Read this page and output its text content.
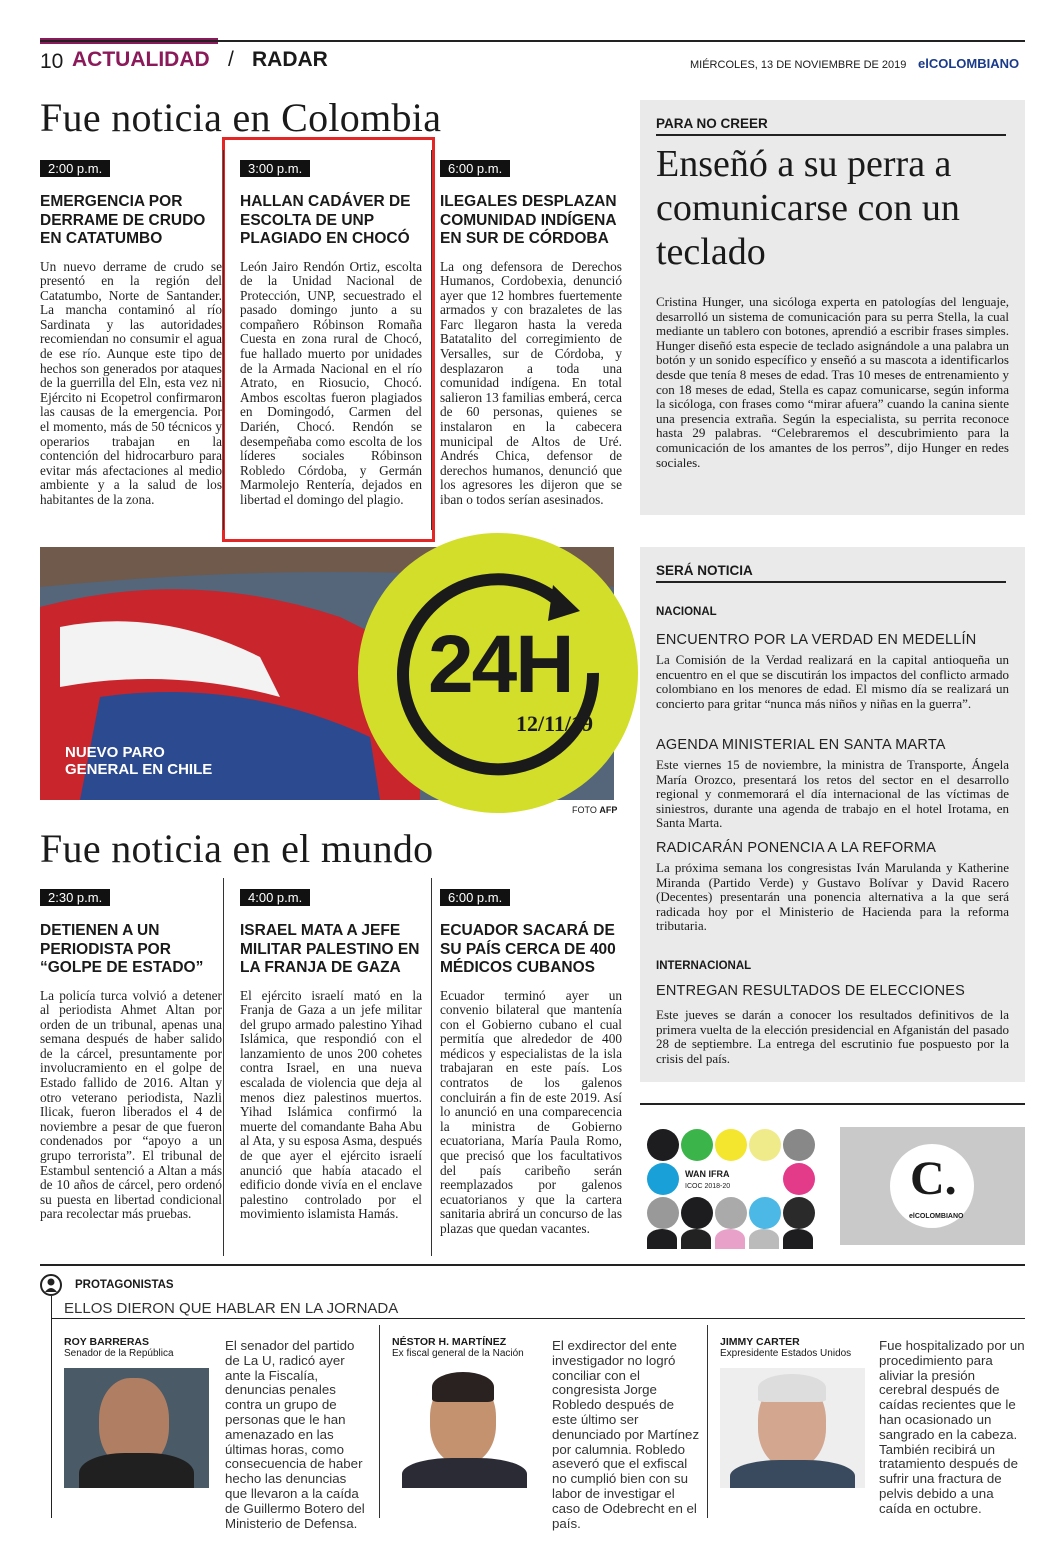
10 ACTUALIDAD / RADAR	MIÉRCOLES, 13 DE NOVIEMBRE DE 2019 elCOLOMBIANO
Fue noticia en Colombia
2:00 p.m.
EMERGENCIA POR DERRAME DE CRUDO EN CATATUMBO
Un nuevo derrame de crudo se presentó en la región del Catatumbo, Norte de Santander. La mancha contaminó al río Sardinata y las autoridades recomiendan no consumir el agua de ese río. Aunque este tipo de hechos son generados por ataques de la guerrilla del Eln, esta vez ni Ejército ni Ecopetrol confirmaron las causas de la emergencia. Por el momento, más de 50 técnicos y operarios trabajan en la contención del hidrocarburo para evitar más afectaciones al medio ambiente y a la salud de los habitantes de la zona.
3:00 p.m.
HALLAN CADÁVER DE ESCOLTA DE UNP PLAGIADO EN CHOCÓ
León Jairo Rendón Ortiz, escolta de la Unidad Nacional de Protección, UNP, secuestrado el pasado domingo junto a su compañero Róbinson Romaña Cuesta en zona rural de Chocó, fue hallado muerto por unidades de la Armada Nacional en el río Atrato, en Riosucio, Chocó. Ambos escoltas fueron plagiados en Domingodó, Carmen del Darién, Chocó. Rendón se desempeñaba como escolta de los líderes sociales Róbinson Robledo Córdoba, y Germán Marmolejo Rentería, dejados en libertad el domingo del plagio.
6:00 p.m.
ILEGALES DESPLAZAN COMUNIDAD INDÍGENA EN SUR DE CÓRDOBA
La ong defensora de Derechos Humanos, Cordobexia, denunció ayer que 12 hombres fuertemente armados y con brazaletes de las Farc llegaron hasta la vereda Batatalito del corregimiento de Versalles, sur de Córdoba, y desplazaron a toda una comunidad indígena. En total salieron 13 familias emberá, cerca de 60 personas, quienes se instalaron en la cabecera municipal de Altos de Uré. Andrés Chica, defensor de derechos humanos, denunció que los agresores les dijeron que se iban o todos serían asesinados.
PARA NO CREER
Enseñó a su perra a comunicarse con un teclado
Cristina Hunger, una sicóloga experta en patologías del lenguaje, desarrolló un sistema de comunicación para su perra Stella, la cual mediante un tablero con botones, aprendió a escribir frases simples. Hunger diseñó esta especie de teclado asignándole a una palabra un botón y un sonido específico y enseñó a su mascota a identificarlos desde que tenía 8 meses de edad. Tras 10 meses de entrenamiento y con 18 meses de edad, Stella es capaz comunicarse, según informa la sicóloga, con frases como “mirar afuera” cuando la canina siente una presencia extraña. Según la especialista, su perrita reconoce hasta 29 palabras. “Celebraremos el descubrimiento para la comunicación de los amantes de los perros”, dijo Hunger en redes sociales.
NUEVO PARO GENERAL EN CHILE
24H
12/11/19
FOTO AFP
SERÁ NOTICIA
NACIONAL
ENCUENTRO POR LA VERDAD EN MEDELLÍN
La Comisión de la Verdad realizará en la capital antioqueña un encuentro en el que se discutirán los impactos del conflicto armado colombiano en los menores de edad. El mismo día se realizará un concierto para gritar “nunca más niños y niñas en la guerra”.
AGENDA MINISTERIAL EN SANTA MARTA
Este viernes 15 de noviembre, la ministra de Transporte, Ángela María Orozco, presentará los retos del sector en el desarrollo regional y conmemorará el día internacional de las víctimas de siniestros, durante una agenda de trabajo en el hotel Irotama, en Santa Marta.
RADICARÁN PONENCIA A LA REFORMA
La próxima semana los congresistas Iván Marulanda y Katherine Miranda (Partido Verde) y Gustavo Bolívar y David Racero (Decentes) presentarán una ponencia alternativa a la que será radicada hoy por el Ministerio de Hacienda para la reforma tributaria.
INTERNACIONAL
ENTREGAN RESULTADOS DE ELECCIONES
Este jueves se darán a conocer los resultados definitivos de la primera vuelta de la elección presidencial en Afganistán del pasado 28 de septiembre. La entrega del escrutinio fue pospuesto por la crisis del país.
Fue noticia en el mundo
2:30 p.m.
DETIENEN A UN PERIODISTA POR “GOLPE DE ESTADO”
La policía turca volvió a detener al periodista Ahmet Altan por orden de un tribunal, apenas una semana después de haber salido de la cárcel, presuntamente por involucramiento en el golpe de Estado fallido de 2016. Altan y otro veterano periodista, Nazli Ilicak, fueron liberados el 4 de noviembre a pesar de que fueron condenados por “apoyo a un grupo terrorista”. El tribunal de Estambul sentenció a Altan a más de 10 años de cárcel, pero ordenó su puesta en libertad condicional para recolectar más pruebas.
4:00 p.m.
ISRAEL MATA A JEFE MILITAR PALESTINO EN LA FRANJA DE GAZA
El ejército israelí mató en la Franja de Gaza a un jefe militar del grupo armado palestino Yihad Islámica, que respondió con el lanzamiento de unos 200 cohetes contra Israel, en una nueva escalada de violencia que deja al menos diez palestinos muertos. Yihad Islámica confirmó la muerte del comandante Baha Abu al Ata, y su esposa Asma, después de que ayer el ejército israelí anunció que había atacado el edificio donde vivía en el enclave palestino controlado por el movimiento islamista Hamás.
6:00 p.m.
ECUADOR SACARÁ DE SU PAÍS CERCA DE 400 MÉDICOS CUBANOS
Ecuador terminó ayer un convenio bilateral que mantenía con el Gobierno cubano el cual permitía que alrededor de 400 médicos y especialistas de la isla trabajaran en este país. Los contratos de los galenos concluirán a fin de este 2019. Así lo anunció en una comparecencia la ministra de Gobierno ecuatoriana, María Paula Romo, que precisó que los facultativos del país caribeño serán reemplazados por galenos ecuatorianos y que la cartera sanitaria abrirá un concurso de las plazas que quedan vacantes.
WAN IFRA
ICOC 2018-20	C.
elCOLOMBIANO
PROTAGONISTAS
ELLOS DIERON QUE HABLAR EN LA JORNADA
ROY BARRERAS
Senador de la República
El senador del partido de La U, radicó ayer ante la Fiscalía, denuncias penales contra un grupo de personas que le han amenazado en las últimas horas, como consecuencia de haber hecho las denuncias que llevaron a la caída de Guillermo Botero del Ministerio de Defensa.
NÉSTOR H. MARTÍNEZ
Ex fiscal general de la Nación
El exdirector del ente investigador no logró conciliar con el congresista Jorge Robledo después de este último ser denunciado por Martínez por calumnia. Robledo aseveró que el exfiscal no cumplió bien con su labor de investigar el caso de Odebrecht en el país.
JIMMY CARTER
Expresidente Estados Unidos
Fue hospitalizado por un procedimiento para aliviar la presión cerebral después de caídas recientes que le han ocasionado un sangrado en la cabeza. También recibirá un tratamiento después de sufrir una fractura de pelvis debido a una caída en octubre.
